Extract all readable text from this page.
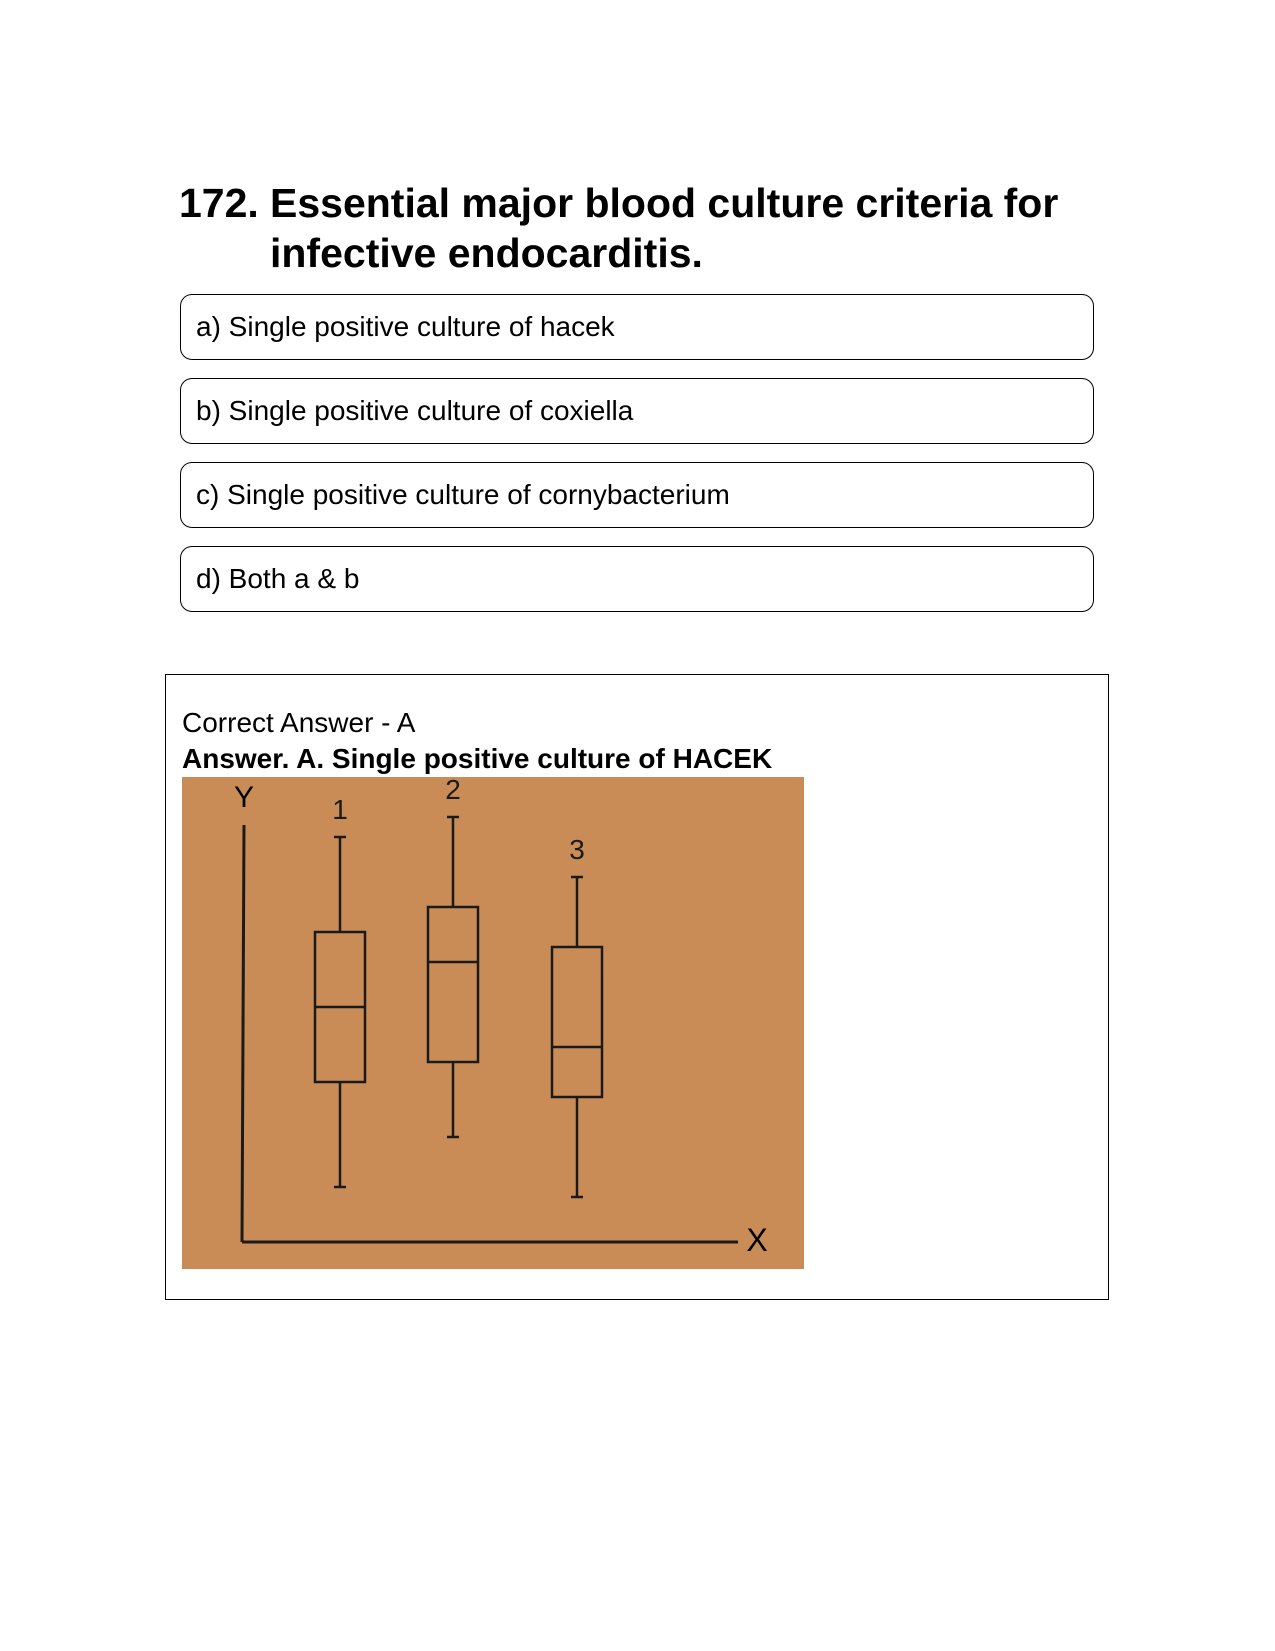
172. Essential major blood culture criteria for infective endocarditis.
a) Single positive culture of hacek
b) Single positive culture of coxiella
c) Single positive culture of cornybacterium
d) Both a & b
Correct Answer - A
Answer. A. Single positive culture of HACEK
Y
X
1
2
3
